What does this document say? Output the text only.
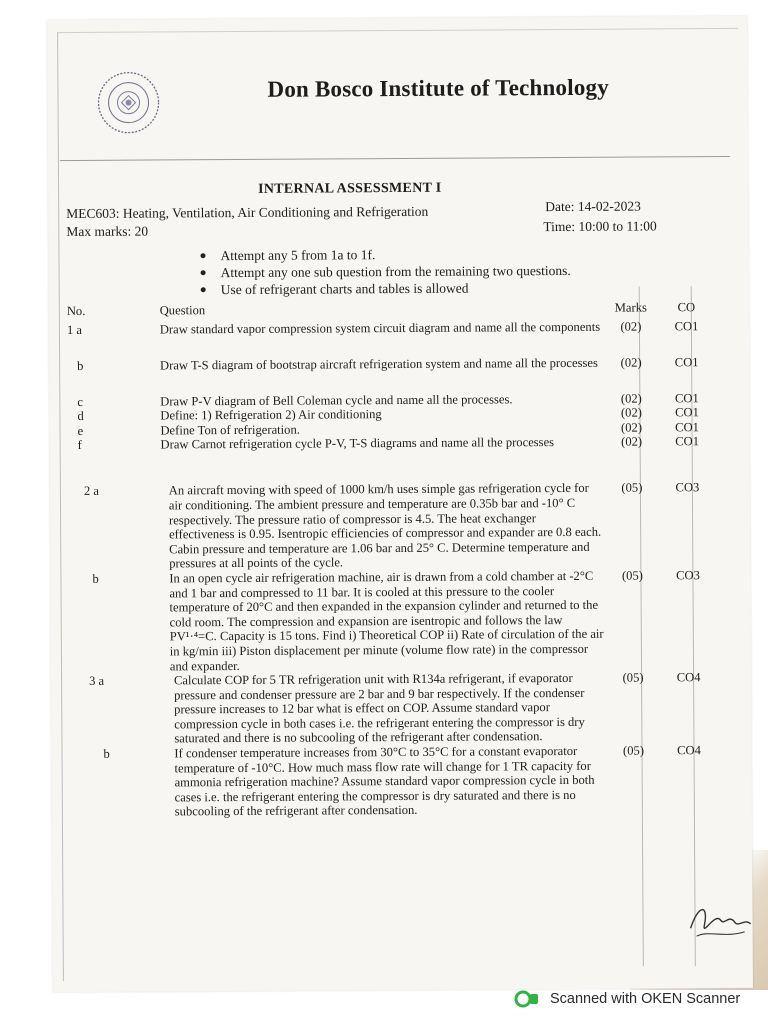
Don Bosco Institute of Technology
INTERNAL ASSESSMENT I
MEC603: Heating, Ventilation, Air Conditioning and Refrigeration
Max marks: 20
Date: 14-02-2023
Time: 10:00 to 11:00
Attempt any 5 from 1a to 1f.
Attempt any one sub question from the remaining two questions.
Use of refrigerant charts and tables is allowed
No.	Question	Marks	CO
1 a	Draw standard vapor compression system circuit diagram and name all the components	(02)	CO1
b	Draw T-S diagram of bootstrap aircraft refrigeration system and name all the processes	(02)	CO1
c	Draw P-V diagram of Bell Coleman cycle and name all the processes.	(02)	CO1
d	Define: 1) Refrigeration 2) Air conditioning	(02)	CO1
e	Define Ton of refrigeration.	(02)	CO1
f	Draw Carnot refrigeration cycle P-V, T-S diagrams and name all the processes	(02)	CO1
2 a	An aircraft moving with speed of 1000 km/h uses simple gas refrigeration cycle for air conditioning. The ambient pressure and temperature are 0.35b bar and -10° C respectively. The pressure ratio of compressor is 4.5. The heat exchanger effectiveness is 0.95. Isentropic efficiencies of compressor and expander are 0.8 each. Cabin pressure and temperature are 1.06 bar and 25° C. Determine temperature and pressures at all points of the cycle.	(05)	CO3
b	In an open cycle air refrigeration machine, air is drawn from a cold chamber at -2°C and 1 bar and compressed to 11 bar. It is cooled at this pressure to the cooler temperature of 20°C and then expanded in the expansion cylinder and returned to the cold room. The compression and expansion are isentropic and follows the law PV¹·⁴=C. Capacity is 15 tons. Find i) Theoretical COP ii) Rate of circulation of the air in kg/min iii) Piston displacement per minute (volume flow rate) in the compressor and expander.	(05)	CO3
3 a	Calculate COP for 5 TR refrigeration unit with R134a refrigerant, if evaporator pressure and condenser pressure are 2 bar and 9 bar respectively. If the condenser pressure increases to 12 bar what is effect on COP. Assume standard vapor compression cycle in both cases i.e. the refrigerant entering the compressor is dry saturated and there is no subcooling of the refrigerant after condensation.	(05)	CO4
b	If condenser temperature increases from 30°C to 35°C for a constant evaporator temperature of -10°C. How much mass flow rate will change for 1 TR capacity for ammonia refrigeration machine? Assume standard vapor compression cycle in both cases i.e. the refrigerant entering the compressor is dry saturated and there is no subcooling of the refrigerant after condensation.	(05)	CO4
Scanned with OKEN Scanner
